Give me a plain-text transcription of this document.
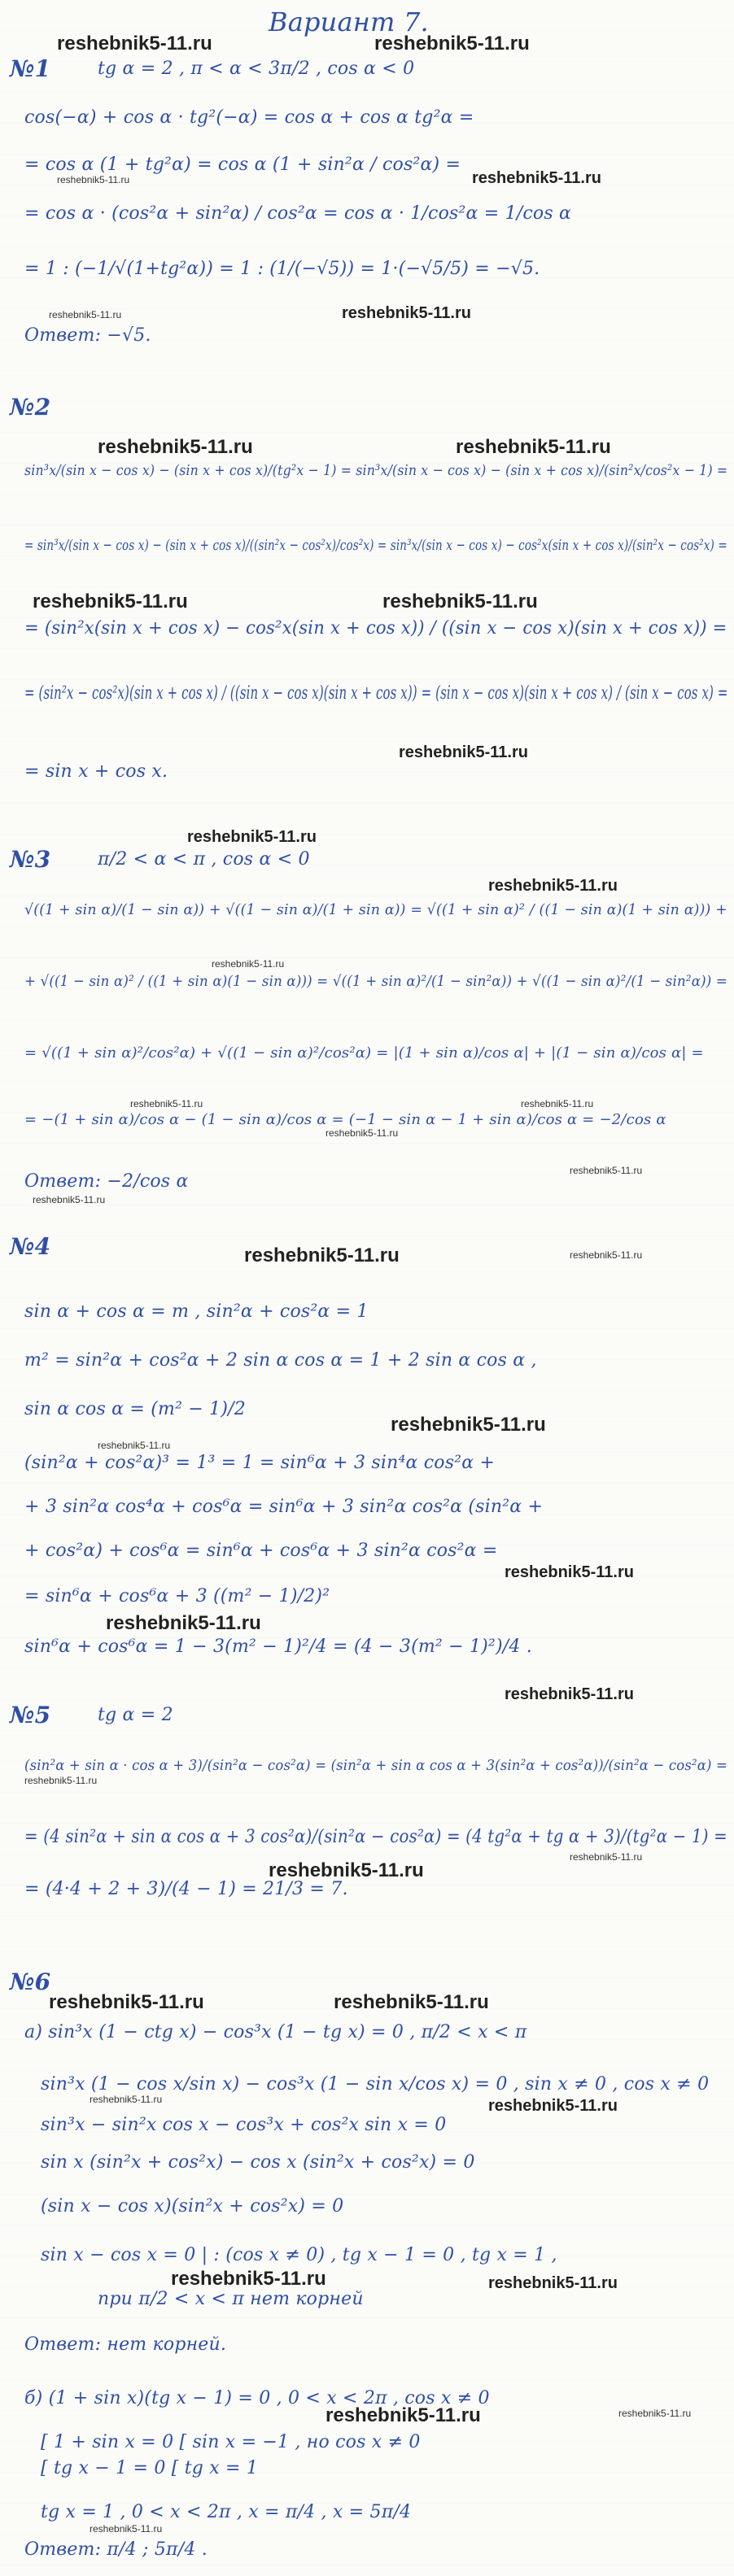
Вариант 7.
№1	tg α = 2 , π < α < 3π/2 , cos α < 0
cos(−α) + cos α · tg²(−α) = cos α + cos α tg²α =
= cos α (1 + tg²α) = cos α (1 + sin²α / cos²α) =
= cos α · (cos²α + sin²α) / cos²α = cos α · 1/cos²α = 1/cos α
= 1 : (−1/√(1+tg²α)) = 1 : (1/(−√5)) = 1·(−√5/5) = −√5.
Ответ: −√5.
№2
sin³x/(sin x − cos x) − (sin x + cos x)/(tg²x − 1) = sin³x/(sin x − cos x) − (sin x + cos x)/(sin²x/cos²x − 1) =
= sin³x/(sin x − cos x) − (sin x + cos x)/((sin²x − cos²x)/cos²x) = sin³x/(sin x − cos x) − cos²x(sin x + cos x)/(sin²x − cos²x) =
= (sin²x(sin x + cos x) − cos²x(sin x + cos x)) / ((sin x − cos x)(sin x + cos x)) =
= (sin²x − cos²x)(sin x + cos x) / ((sin x − cos x)(sin x + cos x)) = (sin x − cos x)(sin x + cos x) / (sin x − cos x) =
= sin x + cos x.
№3	π/2 < α < π , cos α < 0
√((1 + sin α)/(1 − sin α)) + √((1 − sin α)/(1 + sin α)) = √((1 + sin α)² / ((1 − sin α)(1 + sin α))) +
+ √((1 − sin α)² / ((1 + sin α)(1 − sin α))) = √((1 + sin α)²/(1 − sin²α)) + √((1 − sin α)²/(1 − sin²α)) =
= √((1 + sin α)²/cos²α) + √((1 − sin α)²/cos²α) = |(1 + sin α)/cos α| + |(1 − sin α)/cos α| =
= −(1 + sin α)/cos α − (1 − sin α)/cos α = (−1 − sin α − 1 + sin α)/cos α = −2/cos α
Ответ: −2/cos α
№4
sin α + cos α = m , sin²α + cos²α = 1
m² = sin²α + cos²α + 2 sin α cos α = 1 + 2 sin α cos α ,
sin α cos α = (m² − 1)/2
(sin²α + cos²α)³ = 1³ = 1 = sin⁶α + 3 sin⁴α cos²α +
+ 3 sin²α cos⁴α + cos⁶α = sin⁶α + 3 sin²α cos²α (sin²α +
+ cos²α) + cos⁶α = sin⁶α + cos⁶α + 3 sin²α cos²α =
= sin⁶α + cos⁶α + 3 ((m² − 1)/2)²
sin⁶α + cos⁶α = 1 − 3(m² − 1)²/4 = (4 − 3(m² − 1)²)/4 .
№5	tg α = 2
(sin²α + sin α · cos α + 3)/(sin²α − cos²α) = (sin²α + sin α cos α + 3(sin²α + cos²α))/(sin²α − cos²α) =
= (4 sin²α + sin α cos α + 3 cos²α)/(sin²α − cos²α) = (4 tg²α + tg α + 3)/(tg²α − 1) =
= (4·4 + 2 + 3)/(4 − 1) = 21/3 = 7.
№6
а) sin³x (1 − ctg x) − cos³x (1 − tg x) = 0 , π/2 < x < π
sin³x (1 − cos x/sin x) − cos³x (1 − sin x/cos x) = 0 , sin x ≠ 0 , cos x ≠ 0
sin³x − sin²x cos x − cos³x + cos²x sin x = 0
sin x (sin²x + cos²x) − cos x (sin²x + cos²x) = 0
(sin x − cos x)(sin²x + cos²x) = 0
sin x − cos x = 0 | : (cos x ≠ 0) , tg x − 1 = 0 , tg x = 1 ,
при π/2 < x < π нет корней
Ответ: нет корней.
б) (1 + sin x)(tg x − 1) = 0 , 0 < x < 2π , cos x ≠ 0
[ 1 + sin x = 0 [ sin x = −1 , но cos x ≠ 0
[ tg x − 1 = 0 [ tg x = 1
tg x = 1 , 0 < x < 2π , x = π/4 , x = 5π/4
Ответ: π/4 ; 5π/4 .
reshebnik5-11.ru	reshebnik5-11.ru
reshebnik5-11.ru	reshebnik5-11.ru
reshebnik5-11.ru	reshebnik5-11.ru
reshebnik5-11.ru	reshebnik5-11.ru
reshebnik5-11.ru	reshebnik5-11.ru
reshebnik5-11.ru
reshebnik5-11.ru
reshebnik5-11.ru
reshebnik5-11.ru
reshebnik5-11.ru	reshebnik5-11.ru
reshebnik5-11.ru
reshebnik5-11.ru
reshebnik5-11.ru
reshebnik5-11.ru	reshebnik5-11.ru
reshebnik5-11.ru
reshebnik5-11.ru
reshebnik5-11.ru
reshebnik5-11.ru
reshebnik5-11.ru
reshebnik5-11.ru
reshebnik5-11.ru
reshebnik5-11.ru
reshebnik5-11.ru	reshebnik5-11.ru
reshebnik5-11.ru	reshebnik5-11.ru
reshebnik5-11.ru	reshebnik5-11.ru
reshebnik5-11.ru	reshebnik5-11.ru
reshebnik5-11.ru
